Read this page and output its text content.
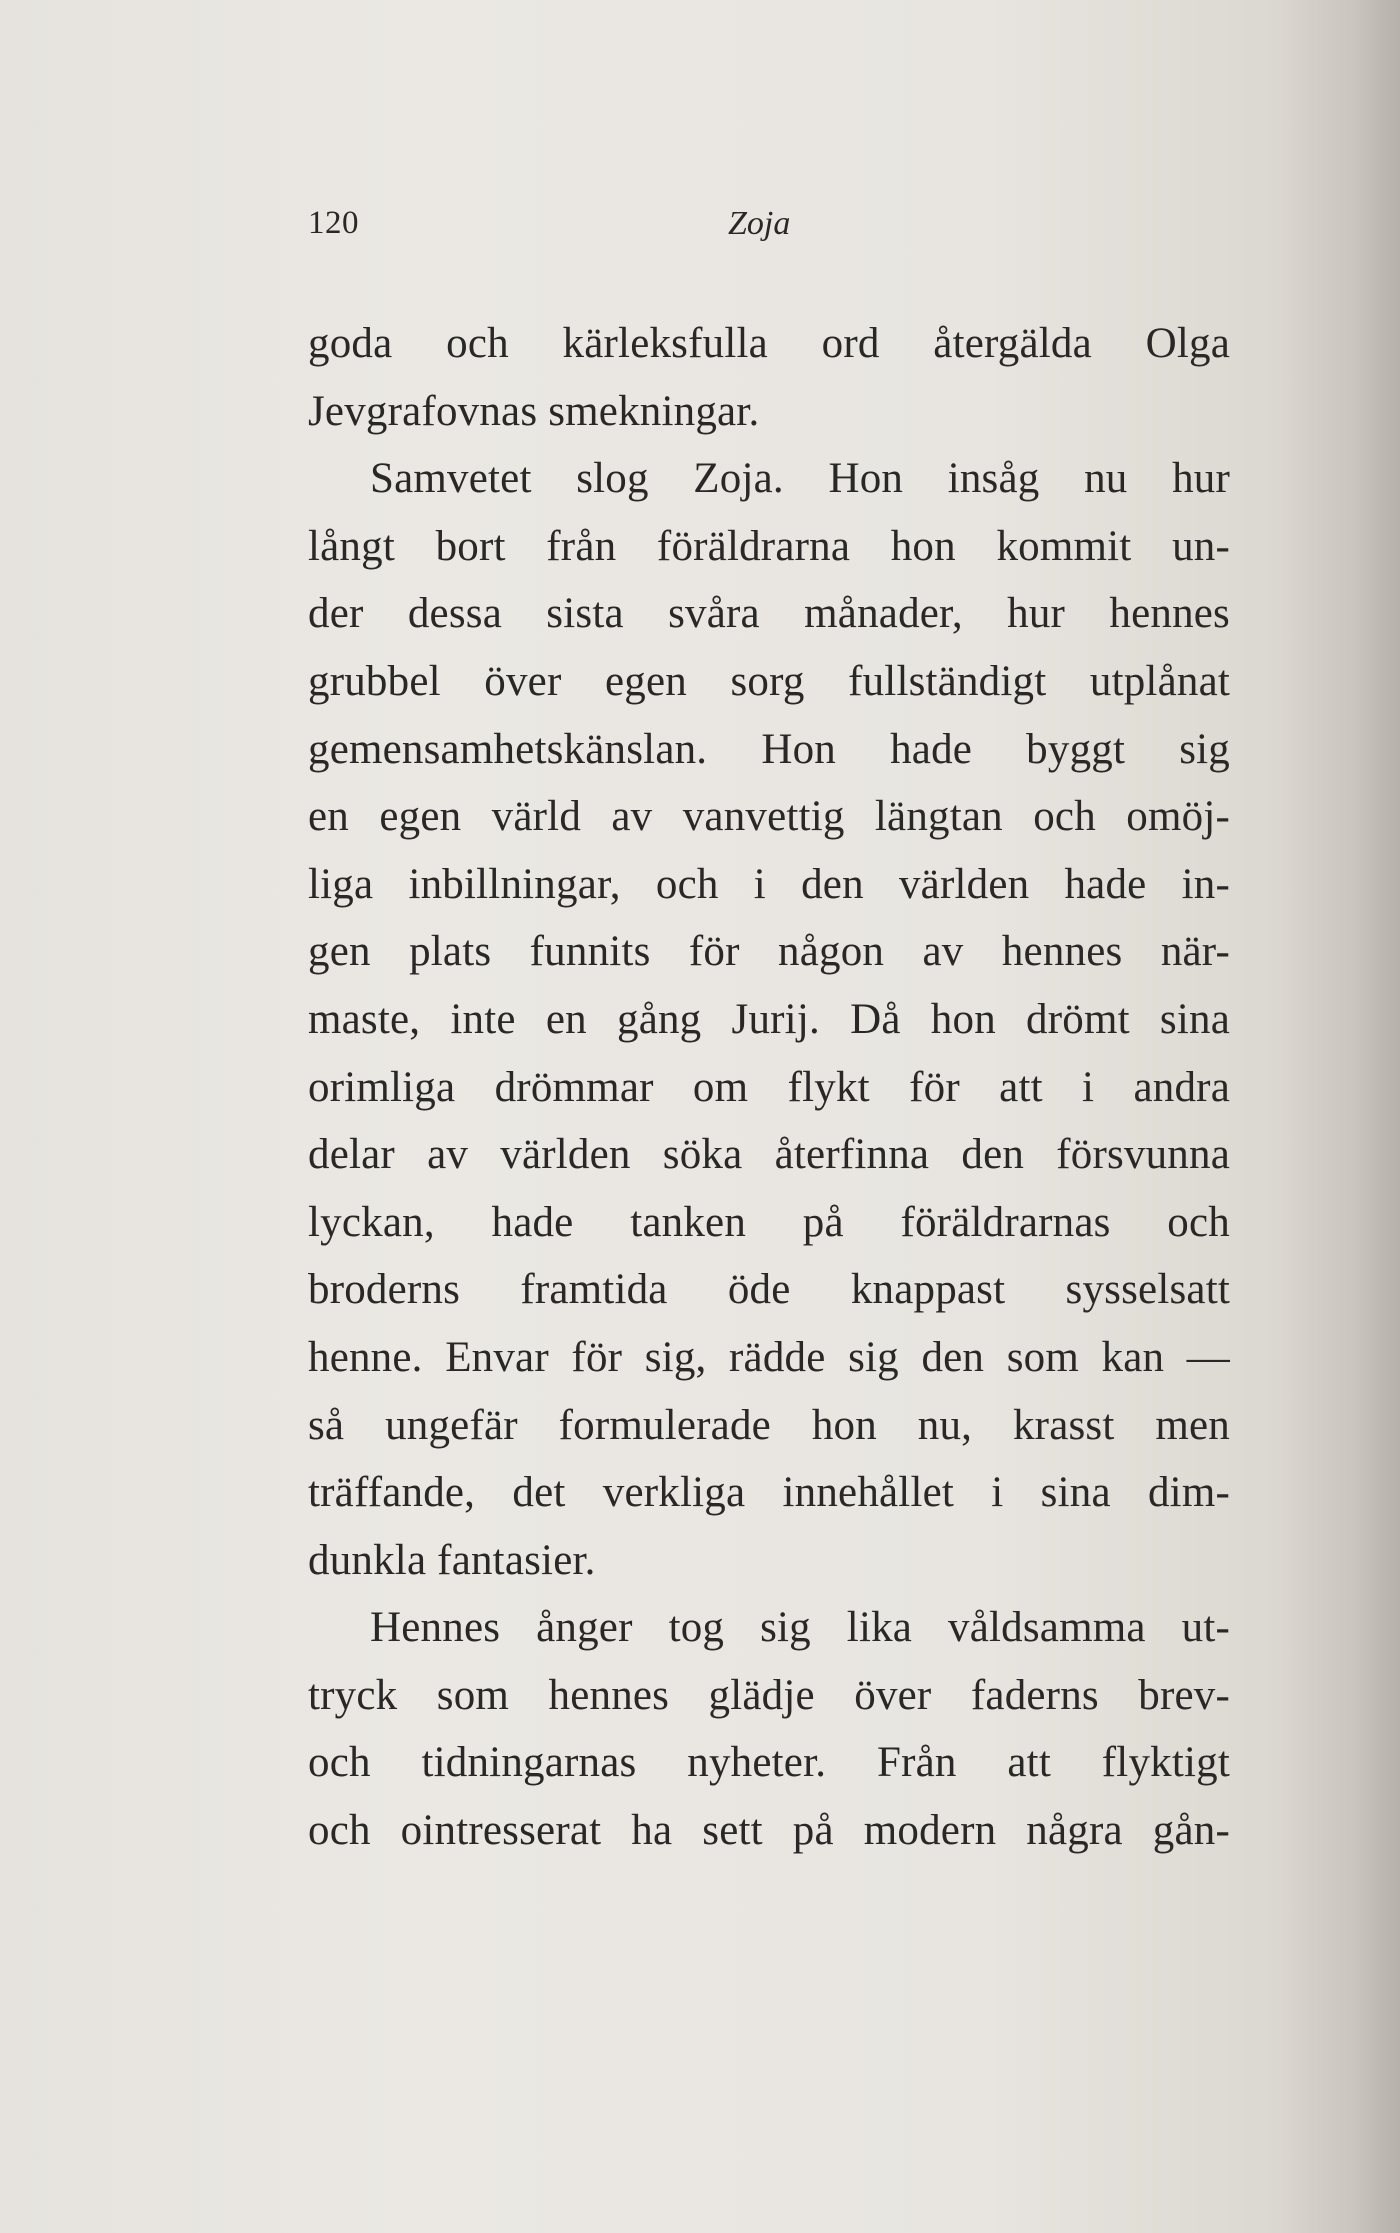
120	Zoja
goda och kärleksfulla ord återgälda Olga
Jevgrafovnas smekningar.
Samvetet slog Zoja. Hon insåg nu hur
långt bort från föräldrarna hon kommit un-
der dessa sista svåra månader, hur hennes
grubbel över egen sorg fullständigt utplånat
gemensamhetskänslan. Hon hade byggt sig
en egen värld av vanvettig längtan och omöj-
liga inbillningar, och i den världen hade in-
gen plats funnits för någon av hennes när-
maste, inte en gång Jurij. Då hon drömt sina
orimliga drömmar om flykt för att i andra
delar av världen söka återfinna den försvunna
lyckan, hade tanken på föräldrarnas och
broderns framtida öde knappast sysselsatt
henne. Envar för sig, rädde sig den som kan —
så ungefär formulerade hon nu, krasst men
träffande, det verkliga innehållet i sina dim-
dunkla fantasier.
Hennes ånger tog sig lika våldsamma ut-
tryck som hennes glädje över faderns brev-
och tidningarnas nyheter. Från att flyktigt
och ointresserat ha sett på modern några gån-
